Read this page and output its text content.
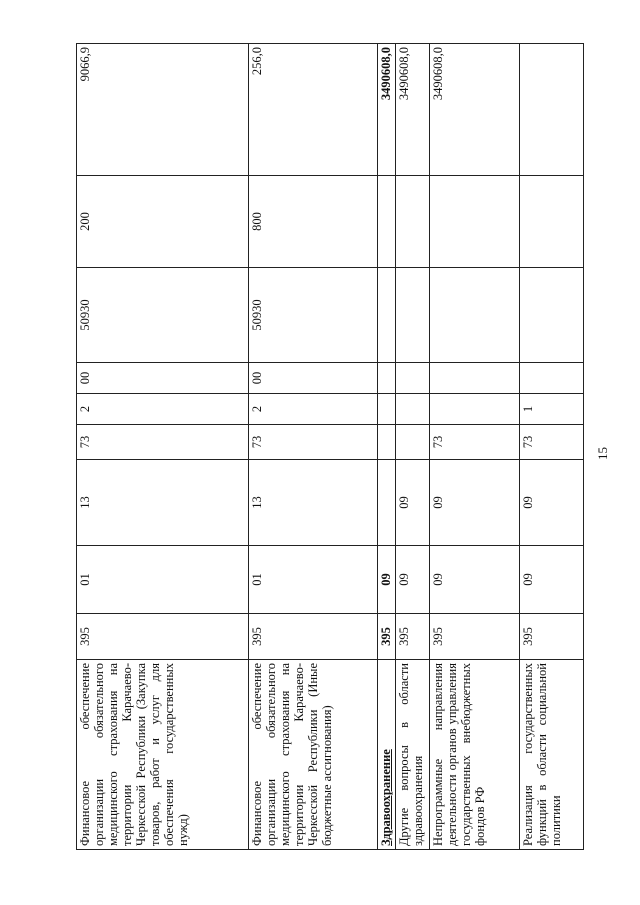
15
Финансовое обеспечение организации обязательного медицинского страхования на территории Карачаево-Черкесской Республики (Закупка товаров, работ и услуг для обеспечения государственных нужд)	395	01	13	73	2	00	50930	200	9066,9
Финансовое обеспечение организации обязательного медицинского страхования на территории Карачаево-Черкесской Республики (Иные бюджетные ассигнования)	395	01	13	73	2	00	50930	800	256,0
Здравоохранение	395	09							3490608,0
Другие вопросы в области здравоохранения	395	09	09						3490608,0
Непрограммные направления деятельности органов управления государственных внебюджетных фондов РФ	395	09	09	73					3490608,0
Реализация государственных функций в области социальной политики	395	09	09	73	1				
